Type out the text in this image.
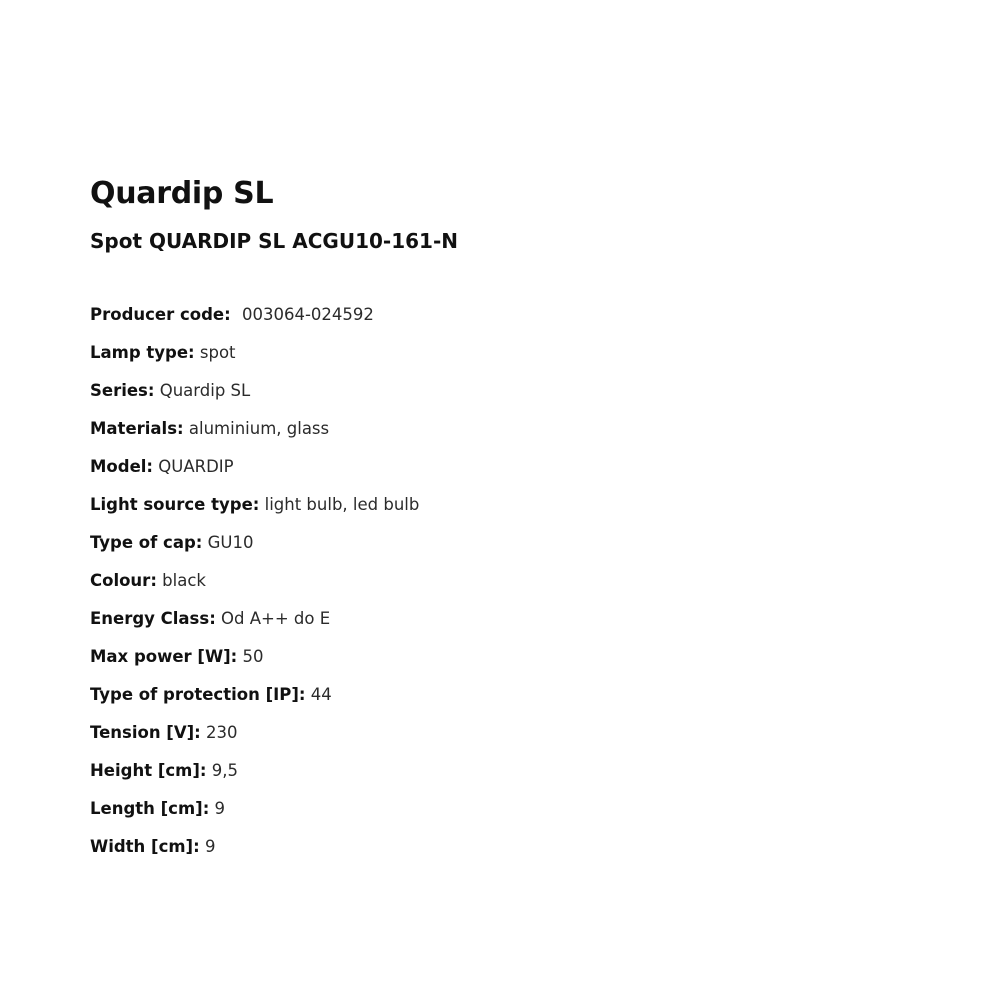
Quardip SL
Spot QUARDIP SL ACGU10-161-N
Producer code: 003064-024592
Lamp type: spot
Series: Quardip SL
Materials: aluminium, glass
Model: QUARDIP
Light source type: light bulb, led bulb
Type of cap: GU10
Colour: black
Energy Class: Od A++ do E
Max power [W]: 50
Type of protection [IP]: 44
Tension [V]: 230
Height [cm]: 9,5
Length [cm]: 9
Width [cm]: 9
